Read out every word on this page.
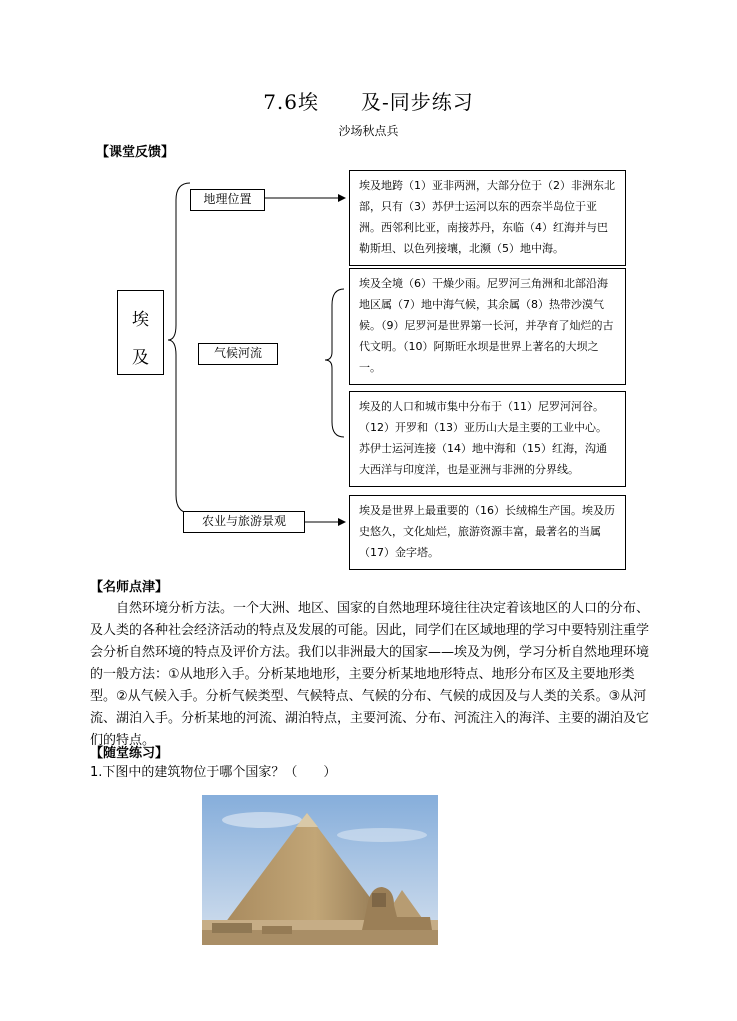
7.6埃　　及-同步练习
沙场秋点兵
【课堂反馈】
埃
及
地理位置
气候河流
农业与旅游景观
埃及地跨（1）亚非两洲，大部分位于（2）非洲东北部，只有（3）苏伊士运河以东的西奈半岛位于亚洲。西邻利比亚，南接苏丹，东临（4）红海并与巴勒斯坦、以色列接壤，北濒（5）地中海。
埃及全境（6）干燥少雨。尼罗河三角洲和北部沿海地区属（7）地中海气候，其余属（8）热带沙漠气候。（9）尼罗河是世界第一长河，并孕育了灿烂的古代文明。（10）阿斯旺水坝是世界上著名的大坝之一。
埃及的人口和城市集中分布于（11）尼罗河河谷。（12）开罗和（13）亚历山大是主要的工业中心。苏伊士运河连接（14）地中海和（15）红海，沟通大西洋与印度洋，也是亚洲与非洲的分界线。
埃及是世界上最重要的（16）长绒棉生产国。埃及历史悠久，文化灿烂，旅游资源丰富，最著名的当属（17）金字塔。
【名师点津】
自然环境分析方法。一个大洲、地区、国家的自然地理环境往往决定着该地区的人口的分布、及人类的各种社会经济活动的特点及发展的可能。因此，同学们在区域地理的学习中要特别注重学会分析自然环境的特点及评价方法。我们以非洲最大的国家——埃及为例，学习分析自然地理环境的一般方法：①从地形入手。分析某地地形，主要分析某地地形特点、地形分布区及主要地形类型。②从气候入手。分析气候类型、气候特点、气候的分布、气候的成因及与人类的关系。③从河流、湖泊入手。分析某地的河流、湖泊特点，主要河流、分布、河流注入的海洋、主要的湖泊及它们的特点。
【随堂练习】
1.下图中的建筑物位于哪个国家？（　　）
